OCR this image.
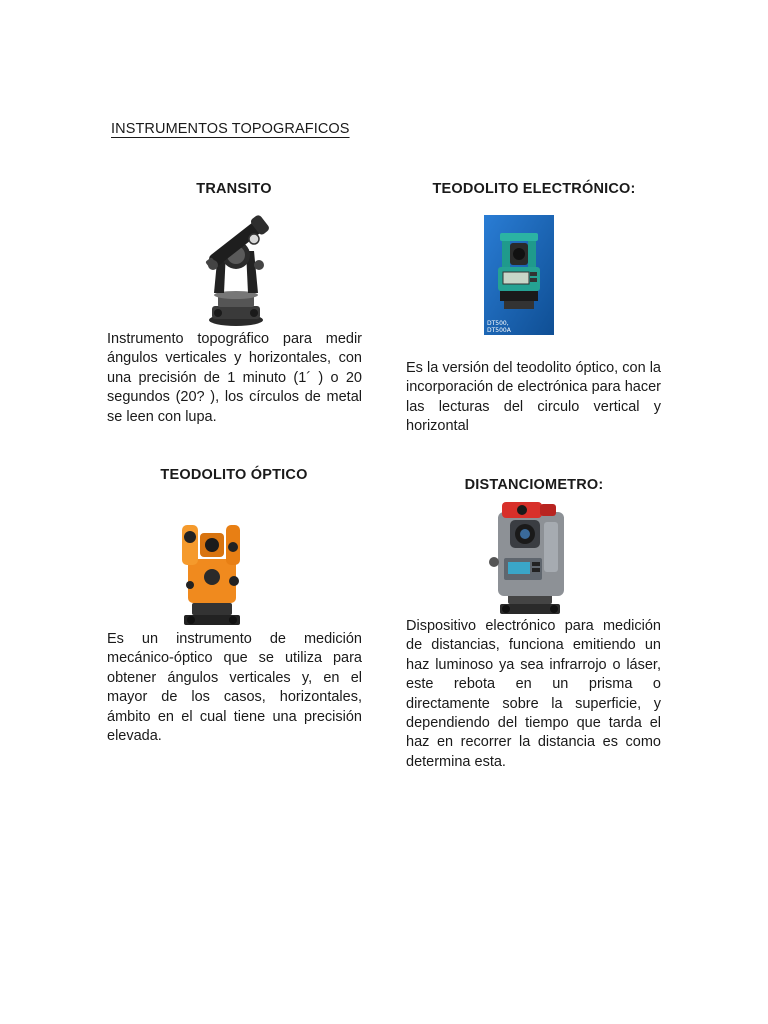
INSTRUMENTOS TOPOGRAFICOS
TRANSITO
Instrumento topográfico para medir ángulos verticales y horizontales, con una precisión de 1 minuto (1´ ) o 20 segundos (20? ), los círculos de metal se leen con lupa.
TEODOLITO ELECTRÓNICO:
DT500,
DT500A
Es la versión del teodolito óptico, con la incorporación de electrónica para hacer las lecturas del circulo vertical y horizontal
TEODOLITO ÓPTICO
Es un instrumento de medición mecánico-óptico que se utiliza para obtener ángulos verticales y, en el mayor de los casos, horizontales, ámbito en el cual tiene una precisión elevada.
DISTANCIOMETRO:
Dispositivo electrónico para medición de distancias, funciona emitiendo un haz luminoso ya sea infrarrojo o láser, este rebota en un prisma o directamente sobre la superficie, y dependiendo del tiempo que tarda el haz en recorrer la distancia es como determina esta.
